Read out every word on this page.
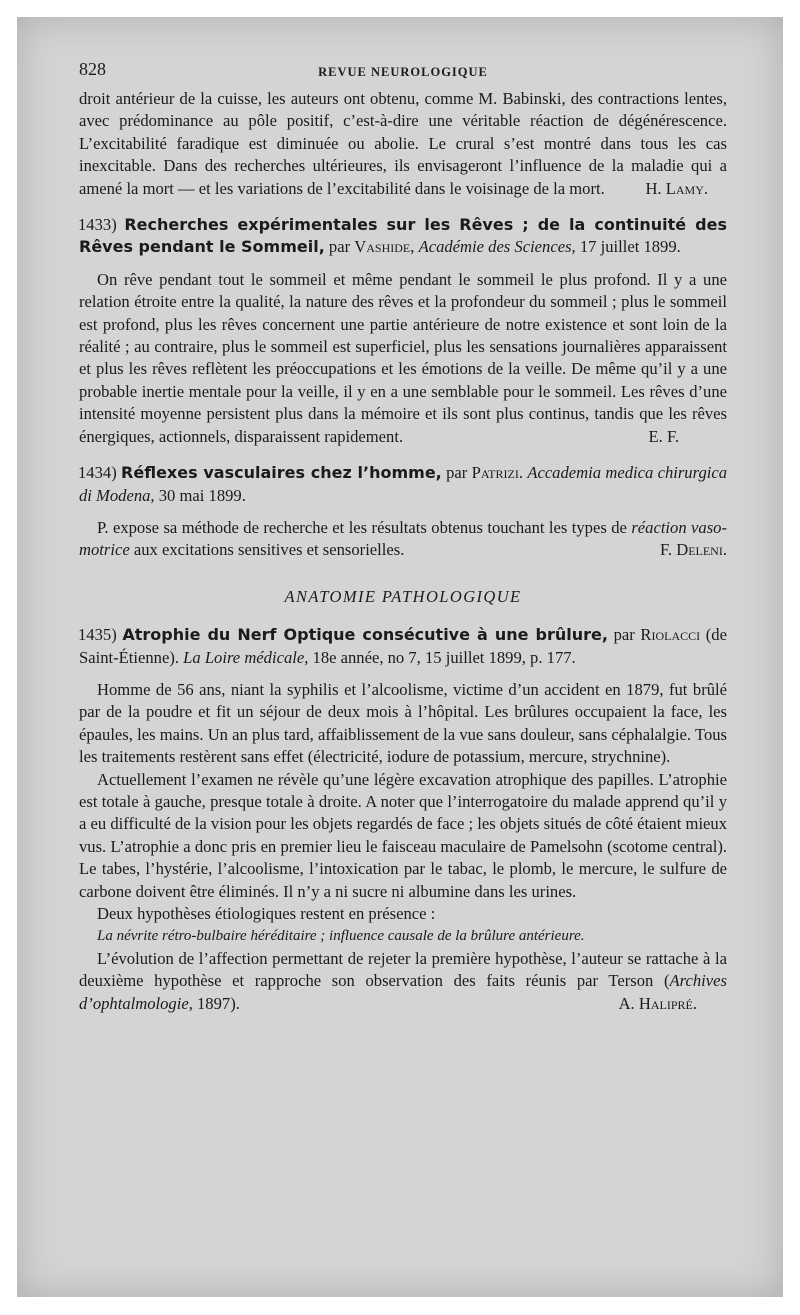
828	REVUE NEUROLOGIQUE

droit antérieur de la cuisse, les auteurs ont obtenu, comme M. Babinski, des contractions lentes, avec prédominance au pôle positif, c’est-à-dire une véritable réaction de dégénérescence. L’excitabilité faradique est diminuée ou abolie. Le crural s’est montré dans tous les cas inexcitable. Dans des recherches ultérieures, ils envisageront l’influence de la maladie qui a amené la mort — et les variations de l’excitabilité dans le voisinage de la mort. H. Lamy.

1433) Recherches expérimentales sur les Rêves ; de la continuité des Rêves pendant le Sommeil, par Vashide, Académie des Sciences, 17 juillet 1899.

On rêve pendant tout le sommeil et même pendant le sommeil le plus profond. Il y a une relation étroite entre la qualité, la nature des rêves et la profondeur du sommeil ; plus le sommeil est profond, plus les rêves concernent une partie antérieure de notre existence et sont loin de la réalité ; au contraire, plus le sommeil est superficiel, plus les sensations journalières apparaissent et plus les rêves reflètent les préoccupations et les émotions de la veille. De même qu’il y a une probable inertie mentale pour la veille, il y en a une semblable pour le sommeil. Les rêves d’une intensité moyenne persistent plus dans la mémoire et ils sont plus continus, tandis que les rêves énergiques, actionnels, disparaissent rapidement.	E. F.

1434) Réflexes vasculaires chez l’homme, par Patrizi. Accademia medica chirurgica di Modena, 30 mai 1899.

P. expose sa méthode de recherche et les résultats obtenus touchant les types de réaction vaso-motrice aux excitations sensitives et sensorielles.	F. Deleni.

ANATOMIE PATHOLOGIQUE

1435) Atrophie du Nerf Optique consécutive à une brûlure, par Riolacci (de Saint-Étienne). La Loire médicale, 18e année, no 7, 15 juillet 1899, p. 177.

Homme de 56 ans, niant la syphilis et l’alcoolisme, victime d’un accident en 1879, fut brûlé par de la poudre et fit un séjour de deux mois à l’hôpital. Les brûlures occupaient la face, les épaules, les mains. Un an plus tard, affaiblissement de la vue sans douleur, sans céphalalgie. Tous les traitements restèrent sans effet (électricité, iodure de potassium, mercure, strychnine).

Actuellement l’examen ne révèle qu’une légère excavation atrophique des papilles. L’atrophie est totale à gauche, presque totale à droite. A noter que l’interrogatoire du malade apprend qu’il y a eu difficulté de la vision pour les objets regardés de face ; les objets situés de côté étaient mieux vus. L’atrophie a donc pris en premier lieu le faisceau maculaire de Pamelsohn (scotome central). Le tabes, l’hystérie, l’alcoolisme, l’intoxication par le tabac, le plomb, le mercure, le sulfure de carbone doivent être éliminés. Il n’y a ni sucre ni albumine dans les urines.

Deux hypothèses étiologiques restent en présence :

La névrite rétro-bulbaire héréditaire ; influence causale de la brûlure antérieure.

L’évolution de l’affection permettant de rejeter la première hypothèse, l’auteur se rattache à la deuxième hypothèse et rapproche son observation des faits réunis par Terson (Archives d’ophtalmologie, 1897).	A. Halipré.
